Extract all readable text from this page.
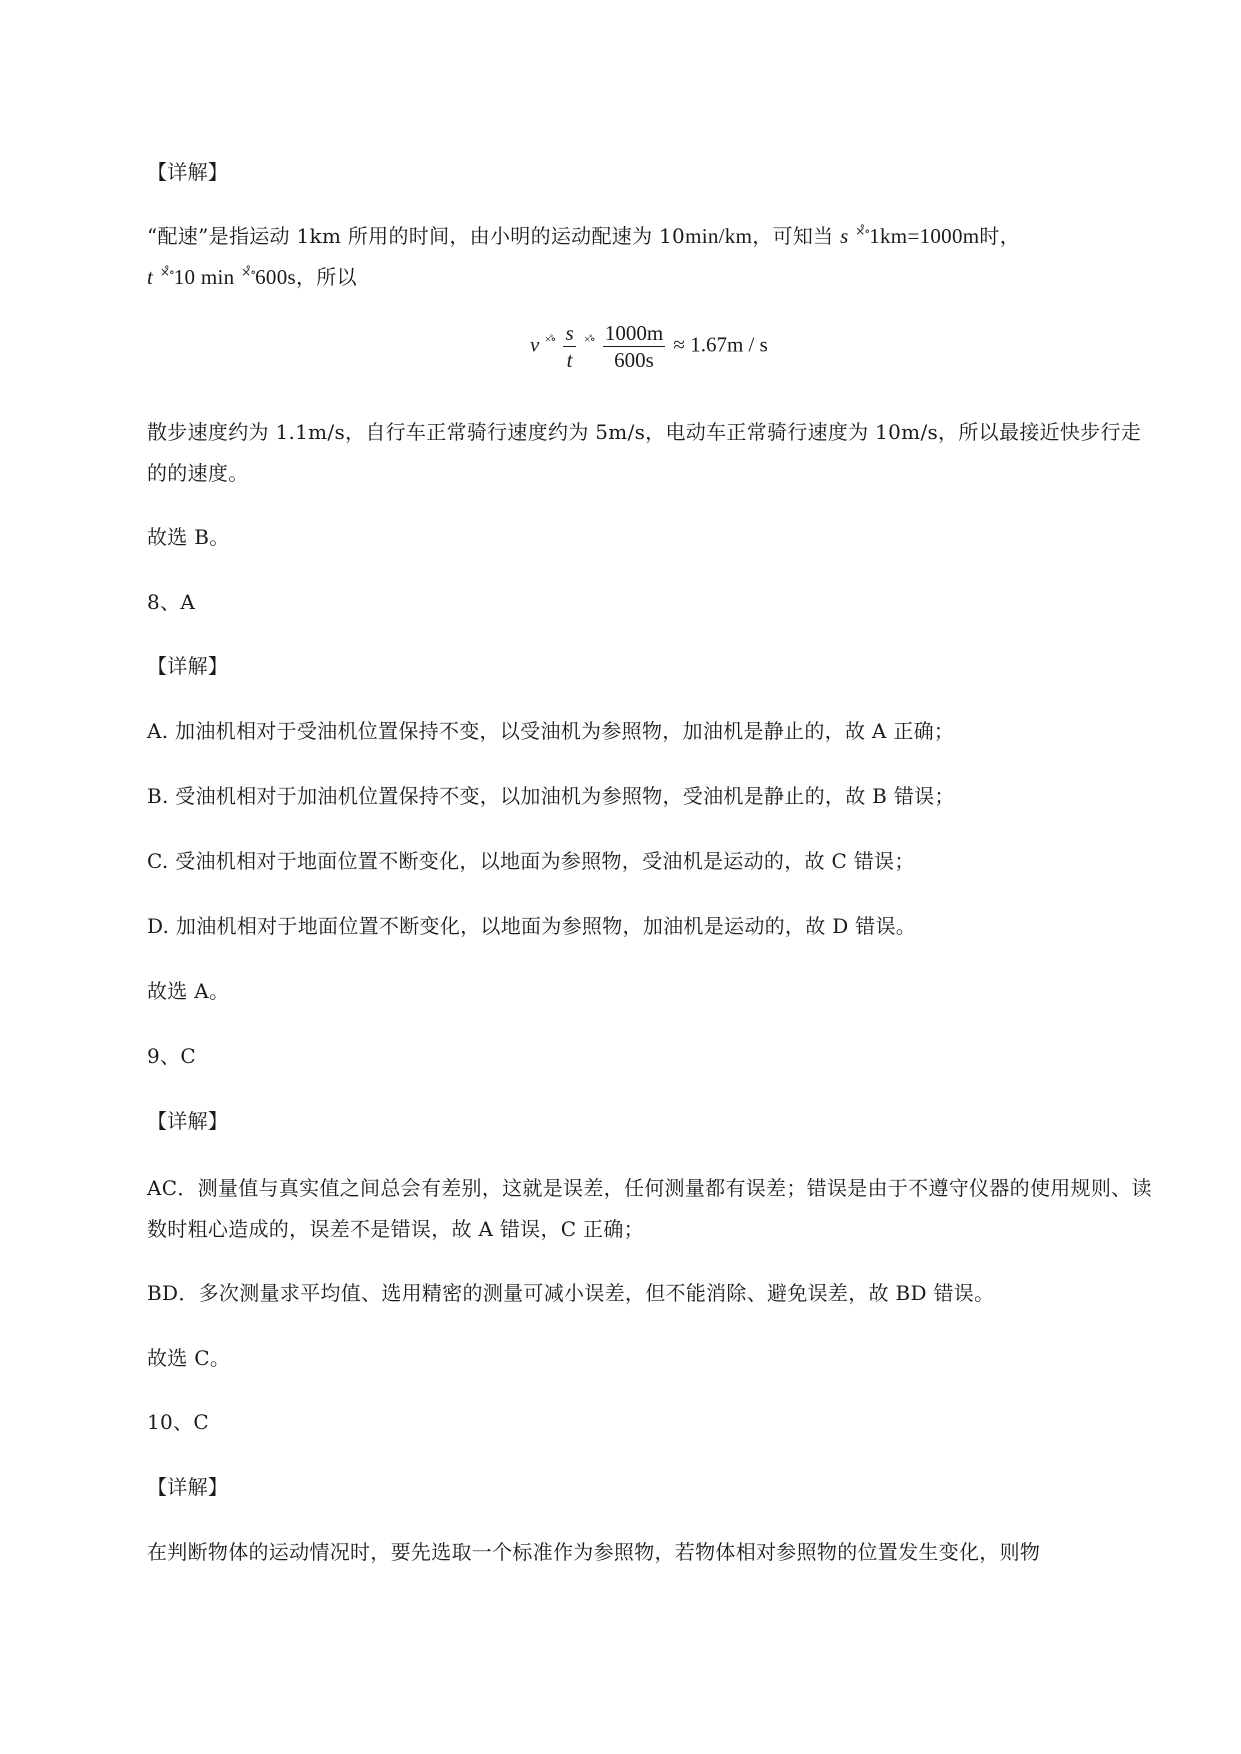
【详解】
“配速”是指运动 1km 所用的时间，由小明的运动配速为 10min/km，可知当 s ×̊∘1km=1000m时，
t ×̊∘10 min ×̊∘600s，所以
v $^{\times̊\circ} \frac{s}{t} ^{\times̊\circ} \frac{1000m}{600s} \approx 1.67m / s$
散步速度约为 1.1m/s，自行车正常骑行速度约为 5m/s，电动车正常骑行速度为 10m/s，所以最接近快步行走的的速度。
故选 B。
8、A
【详解】
A. 加油机相对于受油机位置保持不变，以受油机为参照物，加油机是静止的，故 A 正确；
B. 受油机相对于加油机位置保持不变，以加油机为参照物，受油机是静止的，故 B 错误；
C. 受油机相对于地面位置不断变化，以地面为参照物，受油机是运动的，故 C 错误；
D. 加油机相对于地面位置不断变化，以地面为参照物，加油机是运动的，故 D 错误。
故选 A。
9、C
【详解】
AC．测量值与真实值之间总会有差别，这就是误差，任何测量都有误差；错误是由于不遵守仪器的使用规则、读数时粗心造成的，误差不是错误，故 A 错误，C 正确；
BD．多次测量求平均值、选用精密的测量可减小误差，但不能消除、避免误差，故 BD 错误。
故选 C。
10、C
【详解】
在判断物体的运动情况时，要先选取一个标准作为参照物，若物体相对参照物的位置发生变化，则物
